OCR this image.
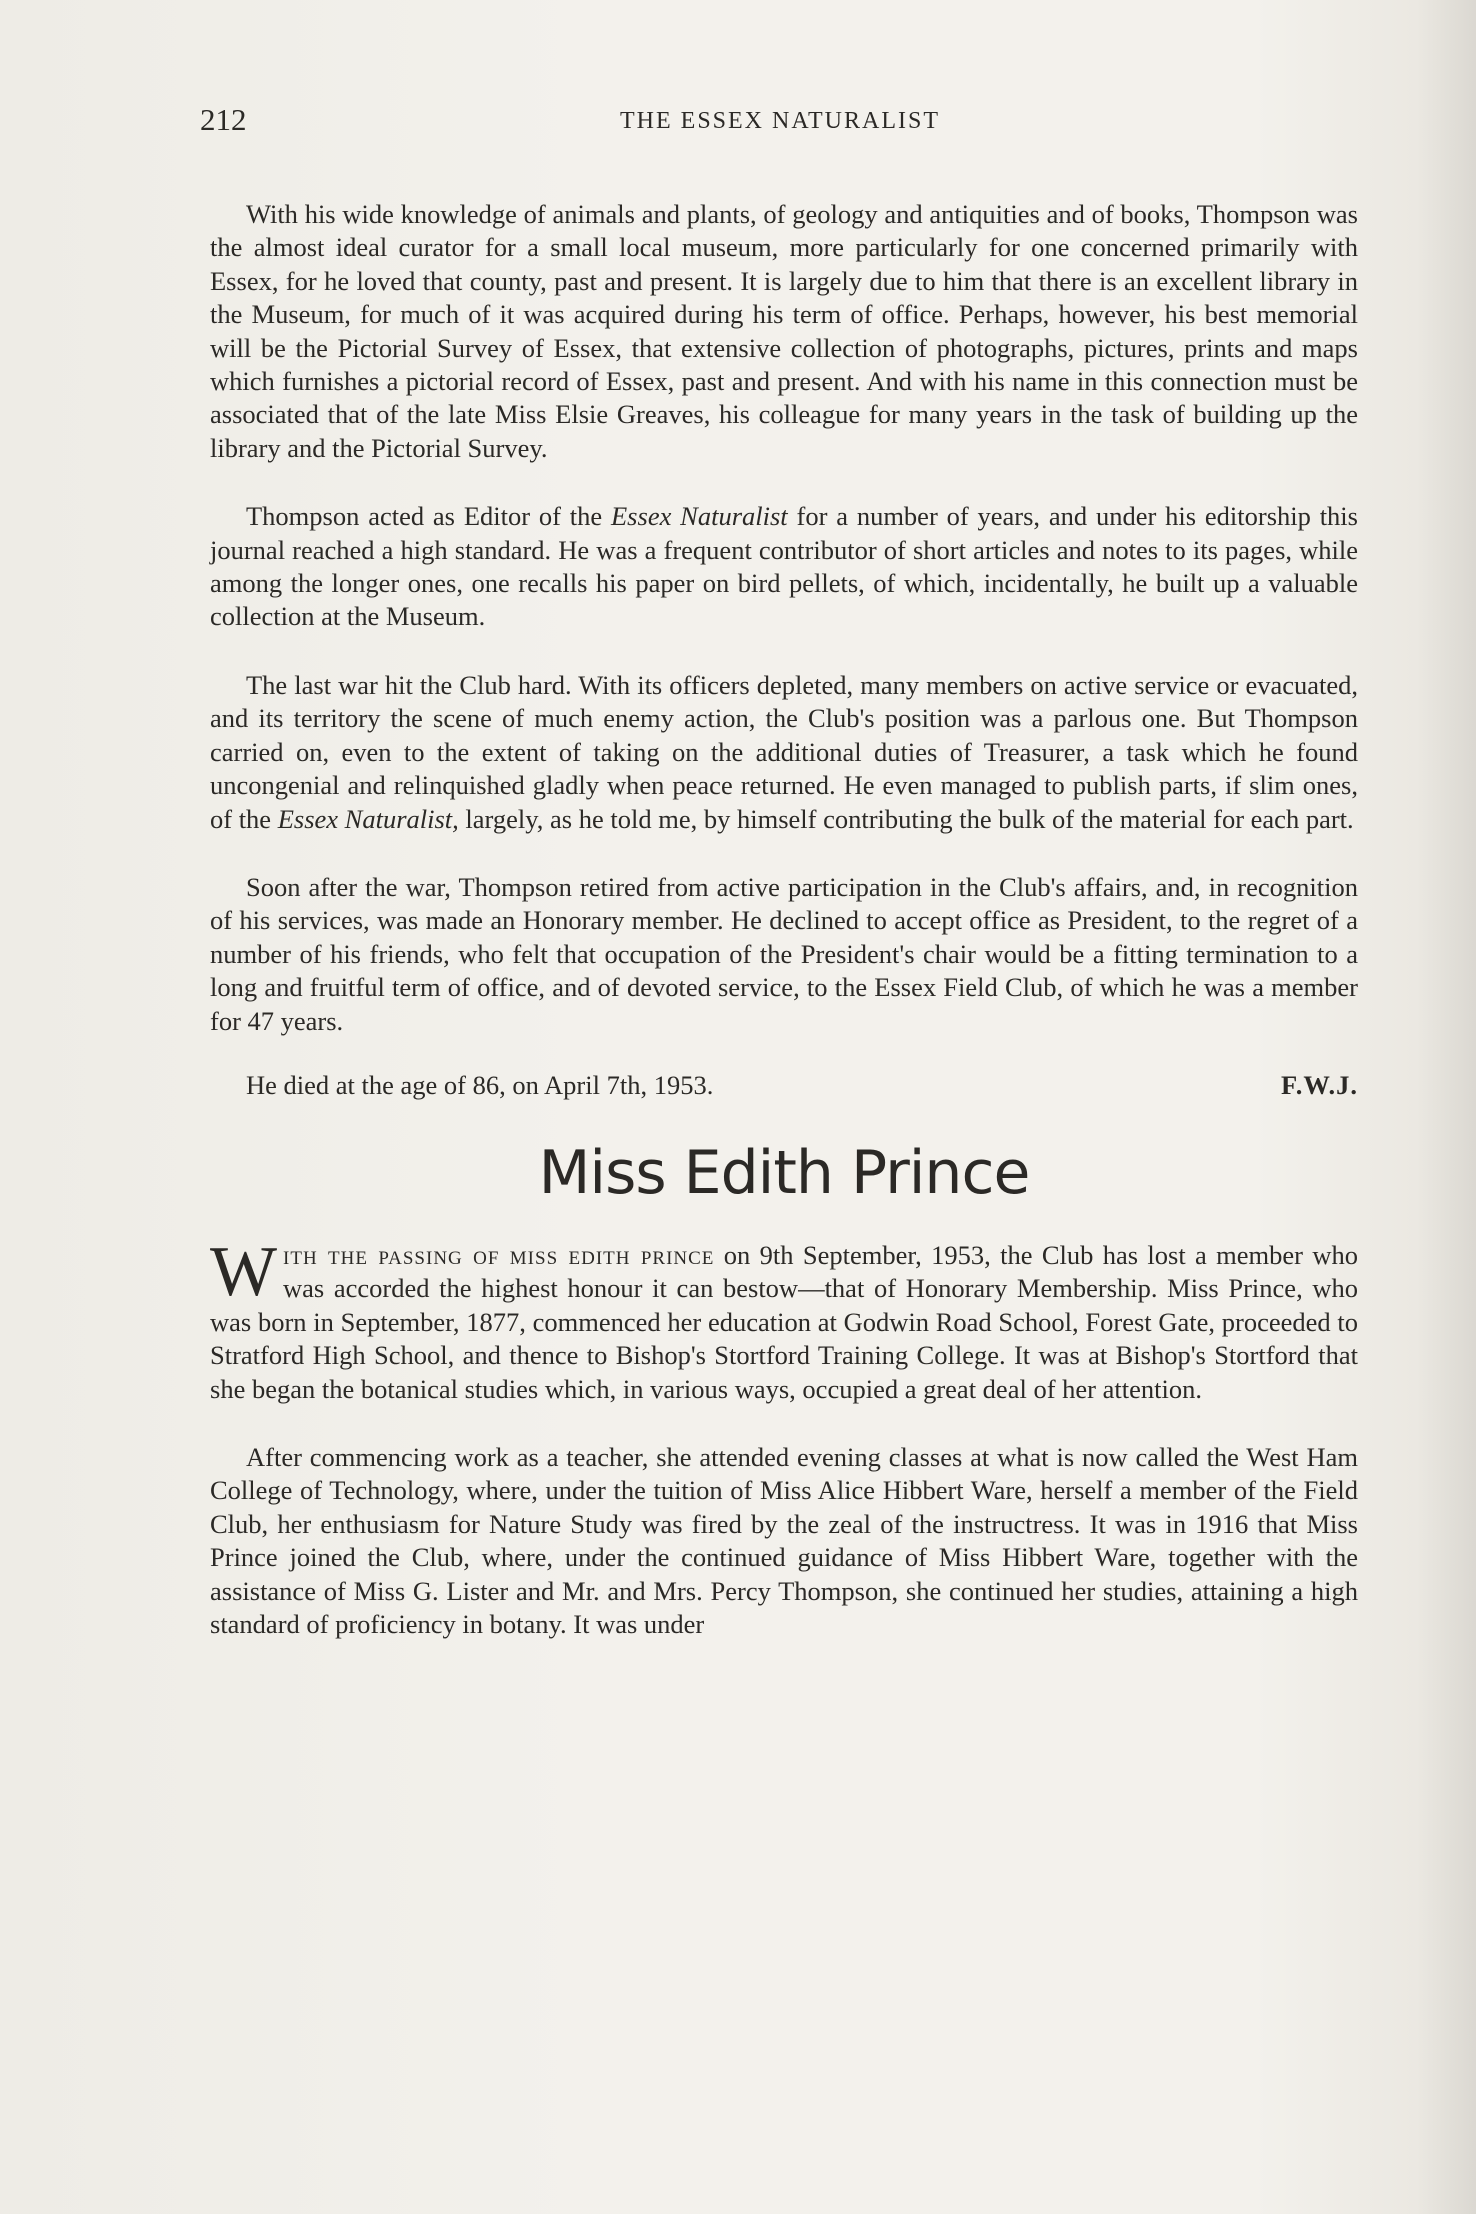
212	THE ESSEX NATURALIST

With his wide knowledge of animals and plants, of geology and antiquities and of books, Thompson was the almost ideal curator for a small local museum, more particularly for one concerned primarily with Essex, for he loved that county, past and present. It is largely due to him that there is an excellent library in the Museum, for much of it was acquired during his term of office. Perhaps, however, his best memorial will be the Pictorial Survey of Essex, that extensive collection of photographs, pictures, prints and maps which furnishes a pictorial record of Essex, past and present. And with his name in this connection must be associated that of the late Miss Elsie Greaves, his colleague for many years in the task of building up the library and the Pictorial Survey.

Thompson acted as Editor of the Essex Naturalist for a number of years, and under his editorship this journal reached a high standard. He was a frequent contributor of short articles and notes to its pages, while among the longer ones, one recalls his paper on bird pellets, of which, incidentally, he built up a valuable collection at the Museum.

The last war hit the Club hard. With its officers depleted, many members on active service or evacuated, and its territory the scene of much enemy action, the Club's position was a parlous one. But Thompson carried on, even to the extent of taking on the additional duties of Treasurer, a task which he found uncongenial and relinquished gladly when peace returned. He even managed to publish parts, if slim ones, of the Essex Naturalist, largely, as he told me, by himself contributing the bulk of the material for each part.

Soon after the war, Thompson retired from active participation in the Club's affairs, and, in recognition of his services, was made an Honorary member. He declined to accept office as President, to the regret of a number of his friends, who felt that occupation of the President's chair would be a fitting termination to a long and fruitful term of office, and of devoted service, to the Essex Field Club, of which he was a member for 47 years.

He died at the age of 86, on April 7th, 1953.	F.W.J.
Miss Edith Prince

With the passing of miss edith prince on 9th September, 1953, the Club has lost a member who was accorded the highest honour it can bestow—that of Honorary Membership. Miss Prince, who was born in September, 1877, commenced her education at Godwin Road School, Forest Gate, proceeded to Stratford High School, and thence to Bishop's Stortford Training College. It was at Bishop's Stortford that she began the botanical studies which, in various ways, occupied a great deal of her attention.

After commencing work as a teacher, she attended evening classes at what is now called the West Ham College of Technology, where, under the tuition of Miss Alice Hibbert Ware, herself a member of the Field Club, her enthusiasm for Nature Study was fired by the zeal of the instructress. It was in 1916 that Miss Prince joined the Club, where, under the continued guidance of Miss Hibbert Ware, together with the assistance of Miss G. Lister and Mr. and Mrs. Percy Thompson, she continued her studies, attaining a high standard of proficiency in botany. It was under
